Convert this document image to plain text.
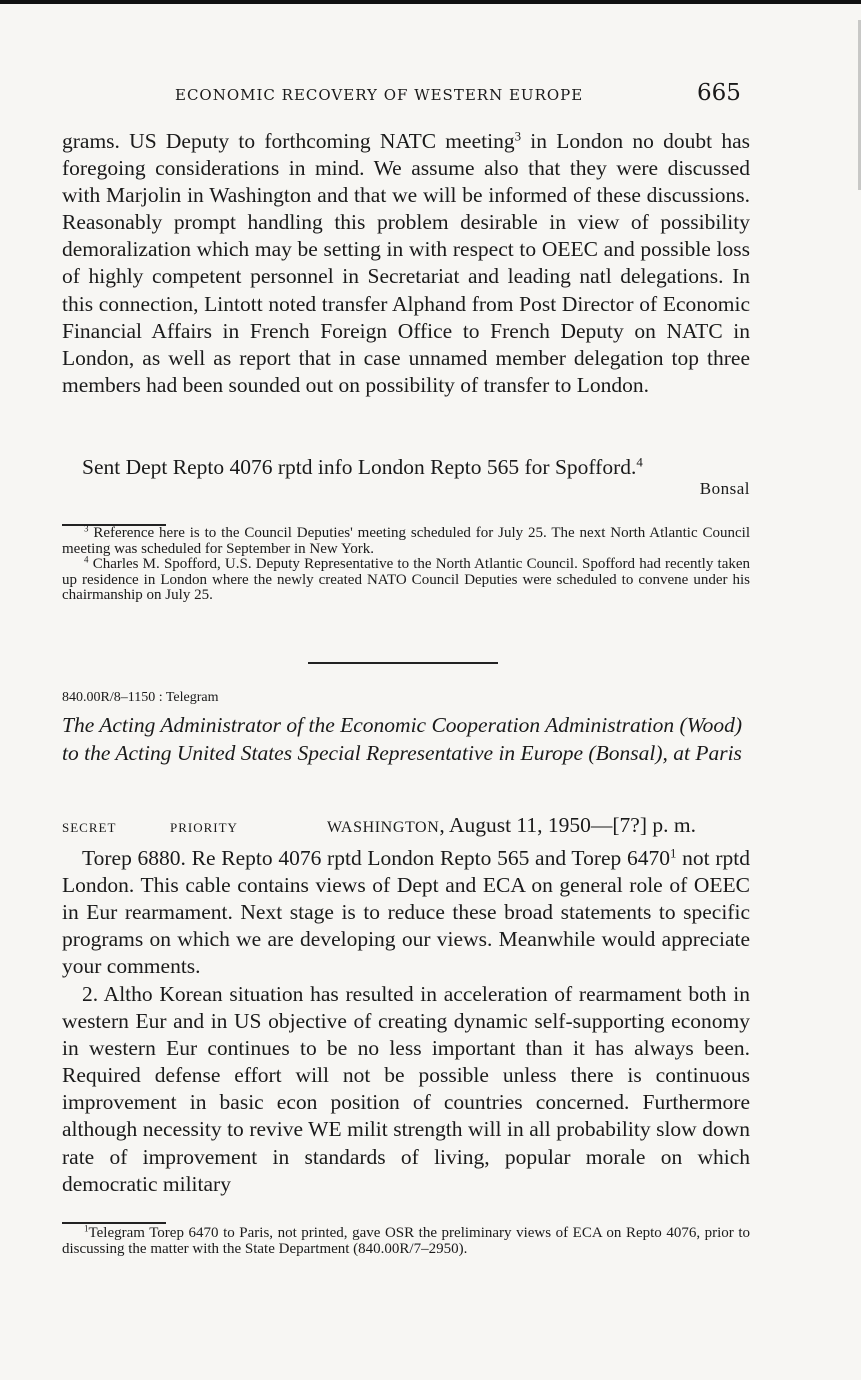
ECONOMIC RECOVERY OF WESTERN EUROPE	665

grams. US Deputy to forthcoming NATC meeting$^3$ in London no doubt has foregoing considerations in mind. We assume also that they were discussed with Marjolin in Washington and that we will be informed of these discussions. Reasonably prompt handling this problem desirable in view of possibility demoralization which may be setting in with respect to OEEC and possible loss of highly competent personnel in Secretariat and leading natl delegations. In this connection, Lintott noted transfer Alphand from Post Director of Economic Financial Affairs in French Foreign Office to French Deputy on NATC in London, as well as report that in case unnamed member delegation top three members had been sounded out on possibility of transfer to London.

Sent Dept Repto 4076 rptd info London Repto 565 for Spofford.$^4$

Bonsal

$^3$ Reference here is to the Council Deputies' meeting scheduled for July 25. The next North Atlantic Council meeting was scheduled for September in New York.

$^4$ Charles M. Spofford, U.S. Deputy Representative to the North Atlantic Council. Spofford had recently taken up residence in London where the newly created NATO Council Deputies were scheduled to convene under his chairmanship on July 25.

840.00R/8–1150 : Telegram

The Acting Administrator of the Economic Cooperation Administration (Wood) to the Acting United States Special Representative in Europe (Bonsal), at Paris

SECRET	PRIORITY	WASHINGTON, August 11, 1950—[7?] p. m.

Torep 6880. Re Repto 4076 rptd London Repto 565 and Torep 6470$^1$ not rptd London. This cable contains views of Dept and ECA on general role of OEEC in Eur rearmament. Next stage is to reduce these broad statements to specific programs on which we are developing our views. Meanwhile would appreciate your comments.

2. Altho Korean situation has resulted in acceleration of rearmament both in western Eur and in US objective of creating dynamic self-supporting economy in western Eur continues to be no less important than it has always been. Required defense effort will not be possible unless there is continuous improvement in basic econ position of countries concerned. Furthermore although necessity to revive WE milit strength will in all probability slow down rate of improvement in standards of living, popular morale on which democratic military

$^1$Telegram Torep 6470 to Paris, not printed, gave OSR the preliminary views of ECA on Repto 4076, prior to discussing the matter with the State Department (840.00R/7–2950).
